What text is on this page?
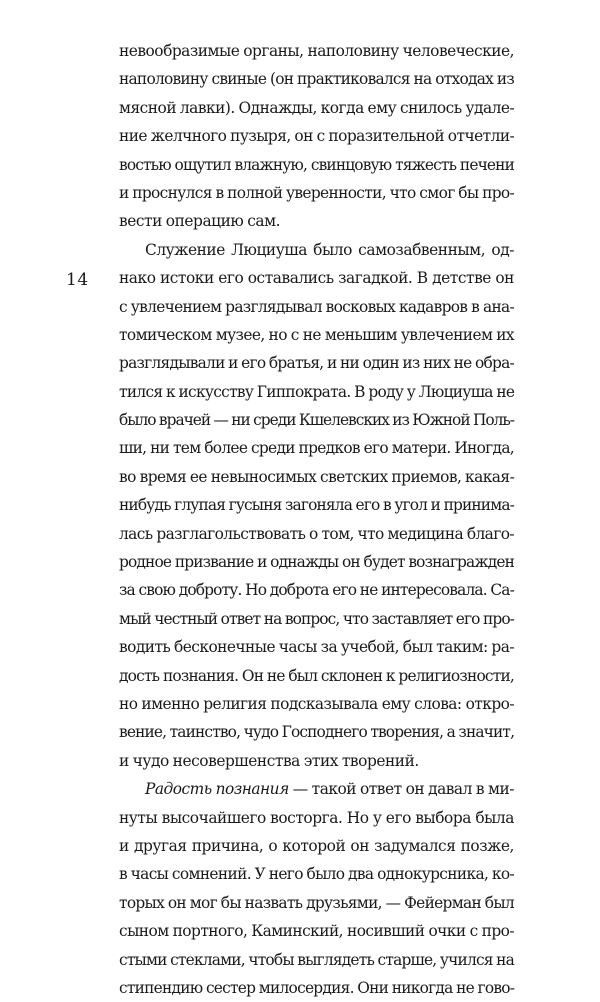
14
невообразимые органы, наполовину человеческие,
наполовину свиные (он практиковался на отходах из
мясной лавки). Однажды, когда ему снилось удале-
ние желчного пузыря, он с поразительной отчетли-
востью ощутил влажную, свинцовую тяжесть печени
и проснулся в полной уверенности, что смог бы про-
вести операцию сам.
Служение Люциуша было самозабвенным, од-
нако истоки его оставались загадкой. В детстве он
с увлечением разглядывал восковых кадавров в ана-
томическом музее, но с не меньшим увлечением их
разглядывали и его братья, и ни один из них не обра-
тился к искусству Гиппократа. В роду у Люциуша не
было врачей — ни среди Кшелевских из Южной Поль-
ши, ни тем более среди предков его матери. Иногда,
во время ее невыносимых светских приемов, какая-
нибудь глупая гусыня загоняла его в угол и принима-
лась разглагольствовать о том, что медицина благо-
родное призвание и однажды он будет вознагражден
за свою доброту. Но доброта его не интересовала. Са-
мый честный ответ на вопрос, что заставляет его про-
водить бесконечные часы за учебой, был таким: ра-
дость познания. Он не был склонен к религиозности,
но именно религия подсказывала ему слова: откро-
вение, таинство, чудо Господнего творения, а значит,
и чудо несовершенства этих творений.
Радость познания — такой ответ он давал в ми-
нуты высочайшего восторга. Но у его выбора была
и другая причина, о которой он задумался позже,
в часы сомнений. У него было два однокурсника, ко-
торых он мог бы назвать друзьями, — Фейерман был
сыном портного, Каминский, носивший очки с про-
стыми стеклами, чтобы выглядеть старше, учился на
стипендию сестер милосердия. Они никогда не гово-
